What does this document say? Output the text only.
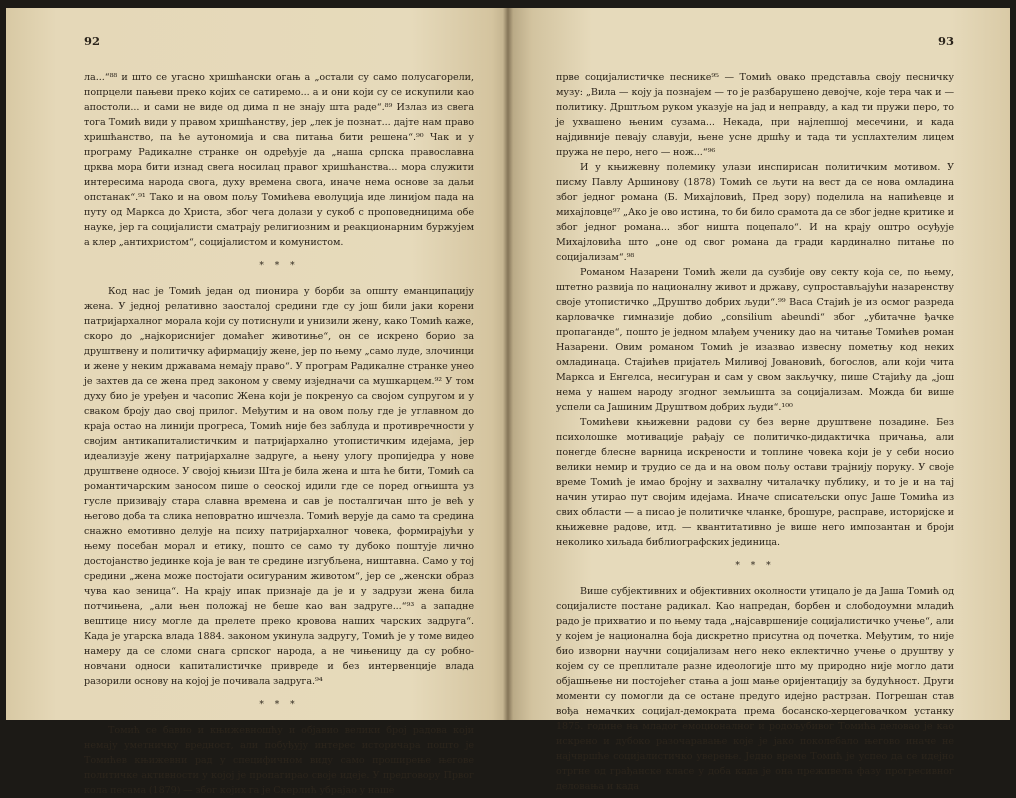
92

ла...“⁸⁸ и што се угасно хришћански огањ а „остали су само полусагорели, попрцели пањеви преко којих се сатиремо... а и они који су се искупили као апостоли... и сами не виде од дима п не знају шта раде“.⁸⁹ Излаз из свега тога Томић види у правом хришћанству, јер „лек је познат... дајте нам право хришћанство, па ће аутономија и сва питања бити решена“.⁹⁰ Чак и у програму Радикалне странке он одређује да „наша српска православна црква мора бити изнад свега носилац правог хришћанства... мора служити интересима народа свога, духу времена свога, иначе нема основе за даљи опстанак“.⁹¹ Тако и на овом пољу Томићева еволуција иде линијом пада на путу од Маркса до Христа, због чега долази у сукоб с проповедницима обе науке, јер га социјалисти сматрају религиозним и реакционарним буржујем а клер „антихристом“, социјалистом и комунистом.

* * *

Код нас је Томић један од пионира у борби за општу еманципацију жена. У једној релативно заосталој средини где су још били јаки корени патријархалног морала који су потиснули и унизили жену, како Томић каже, скоро до „најкориснијег домаћег животиње“, он се искрено борио за друштвену и политичку афирмацију жене, јер по њему „само луде, злочинци и жене у неким државама немају право“. У програм Радикалне странке унео је захтев да се жена пред законом у свему изједначи са мушкарцем.⁹² У том духу био је уређен и часопис Жена који је покренуо са својом супругом и у сваком броју дао свој прилог. Међутим и на овом пољу где је углавном до краја остао на линији прогреса, Томић није без заблуда и противречности у својим антикапиталистичким и патријархално утопистичким идејама, јер идеализује жену патријархалне задруге, а њену улогу пропиједра у нове друштвене односе. У својој књизи Шта је била жена и шта ће бити, Томић са романтичарским заносом пише о сеоској идили где се поред огњишта уз гусле призивају стара славна времена и сав је посталгичан што је већ у његово доба та слика неповратно ишчезла. Томић верује да само та средина снажно емотивно делује на психу патријархалног човека, формирајући у њему посебан морал и етику, пошто се само ту дубоко поштује лично достојанство јединке која је ван те средине изгубљена, ништавна. Само у тој средини „жена може постојати осигураним животом“, јер се „женски образ чува као зеница“. На крају ипак признаје да је и у задрузи жена била потчињена, „али њен положај не беше као ван задруге...“⁹³ а западне вештице нису могле да прелете преко кровова наших чарских задруга“. Када је угарска влада 1884. законом укинула задругу, Томић је у томе видео намеру да се сломи снага српског народа, а не чињеницу да су робно-новчани односи капиталистичке привреде и без интервенције влада разорили основу на којој је почивала задруга.⁹⁴

* * *

Томић се бавио и књижевношћу и објавио велики број радова који немају уметничку вредност, али побуђују интерес историчара пошто је Томићев књижевни рад у специфичном виду само проширење његове политичке активности у којој је пропагирао своје идеје. У предговору Првог кола песама (1879) — због којих га је Скерлић убрајао у наше

93

прве социјалистичке песнике⁹⁵ — Томић овако представља своју песничку музу: „Вила — коју ја познајем — то је разбарушено девојче, које тера чак и — политику. Дрштљом руком указује на јад и неправду, а кад ти пружи перо, то је ухвашено њеним сузама... Некада, при најлепшој месечини, и када најдивније певају славуји, њене усне дршћу и тада ти усплахтелим лицем пружа не перо, него — нож...“⁹⁶

И у књижевну полемику улази инспирисан политичким мотивом. У писму Павлу Аршинову (1878) Томић се љути на вест да се нова омладина због једног романа (Б. Михајловић, Пред зору) поделила на напићевце и михајловце⁹⁷ „Ако је ово истина, то би било срамота да се због једне критике и због једног романа... због ништа поцепало“. И на крају оштро осуђује Михајловића што „оне од свог романа да гради кардинално питање по социјализам“.⁹⁸

Романом Назарени Томић жели да сузбије ову секту која се, по њему, штетно развија по националну живот и државу, супростављајући назаренству своје утопистичко „Друштво добрих људи“.⁹⁹ Васа Стајић је из осмог разреда карловачке гимназије добио „consilium abeundi“ због „убитачне ђачке пропаганде“, пошто је једном млађем ученику дао на читање Томићев роман Назарени. Овим романом Томић је изазвао извесну пометњу код неких омладинаца. Стајићев пријатељ Миливој Јовановић, богослов, али који чита Маркса и Енгелса, несигуран и сам у свом закључку, пише Стајићу да „још нема у нашем народу згодног земљишта за социјализам. Можда би више успели са Јашиним Друштвом добрих људи“.¹⁰⁰

Томићеви књижевни радови су без верне друштвене позадине. Без психолошке мотивације рађају се политичко-дидактичка причања, али понегде блесне варница искрености и топлине човека који је у себи носио велики немир и трудио се да и на овом пољу остави трајнију поруку. У своје време Томић је имао бројну и захвалну читалачку публику, и то је и на тај начин утирао пут својим идејама. Иначе списатељски опус Јаше Томића из свих области — а писао је политичке чланке, брошуре, расправе, историјске и књижевне радове, итд. — квантитативно је више него импозантан и броји неколико хиљада библиографских јединица.

* * *

Више субјективних и објективних околности утицало је да Јаша Томић од социјалисте постане радикал. Као напредан, борбен и слободоумни младић радо је прихватио и по њему тада „најсавршеније социјалистичко учење“, али у којем је национална боја дискретно присутна од почетка. Међутим, то није био изворни научни социјализам него неко еклектично учење о друштву у којем су се преплитале разне идеологије што му природно није могло дати објашњење ни постојећег стања а још мање оријентацију за будућност. Други моменти су помогли да се остане предуго идејно растрзан. Погрешан став вођа немачких социјал-демократа према босанско-херцеговачком устанку 1875. године на младог емоционалног и родољубивог Томића деловао је као искрено и дубоко разочаравање које је јако поколебало његово иначе не најчвршће социјалистичко уверење. Једно време Томић је успео да се идејно отргне од грађанске класе у доба када је она преживела фазу прогресивног деловања и када
